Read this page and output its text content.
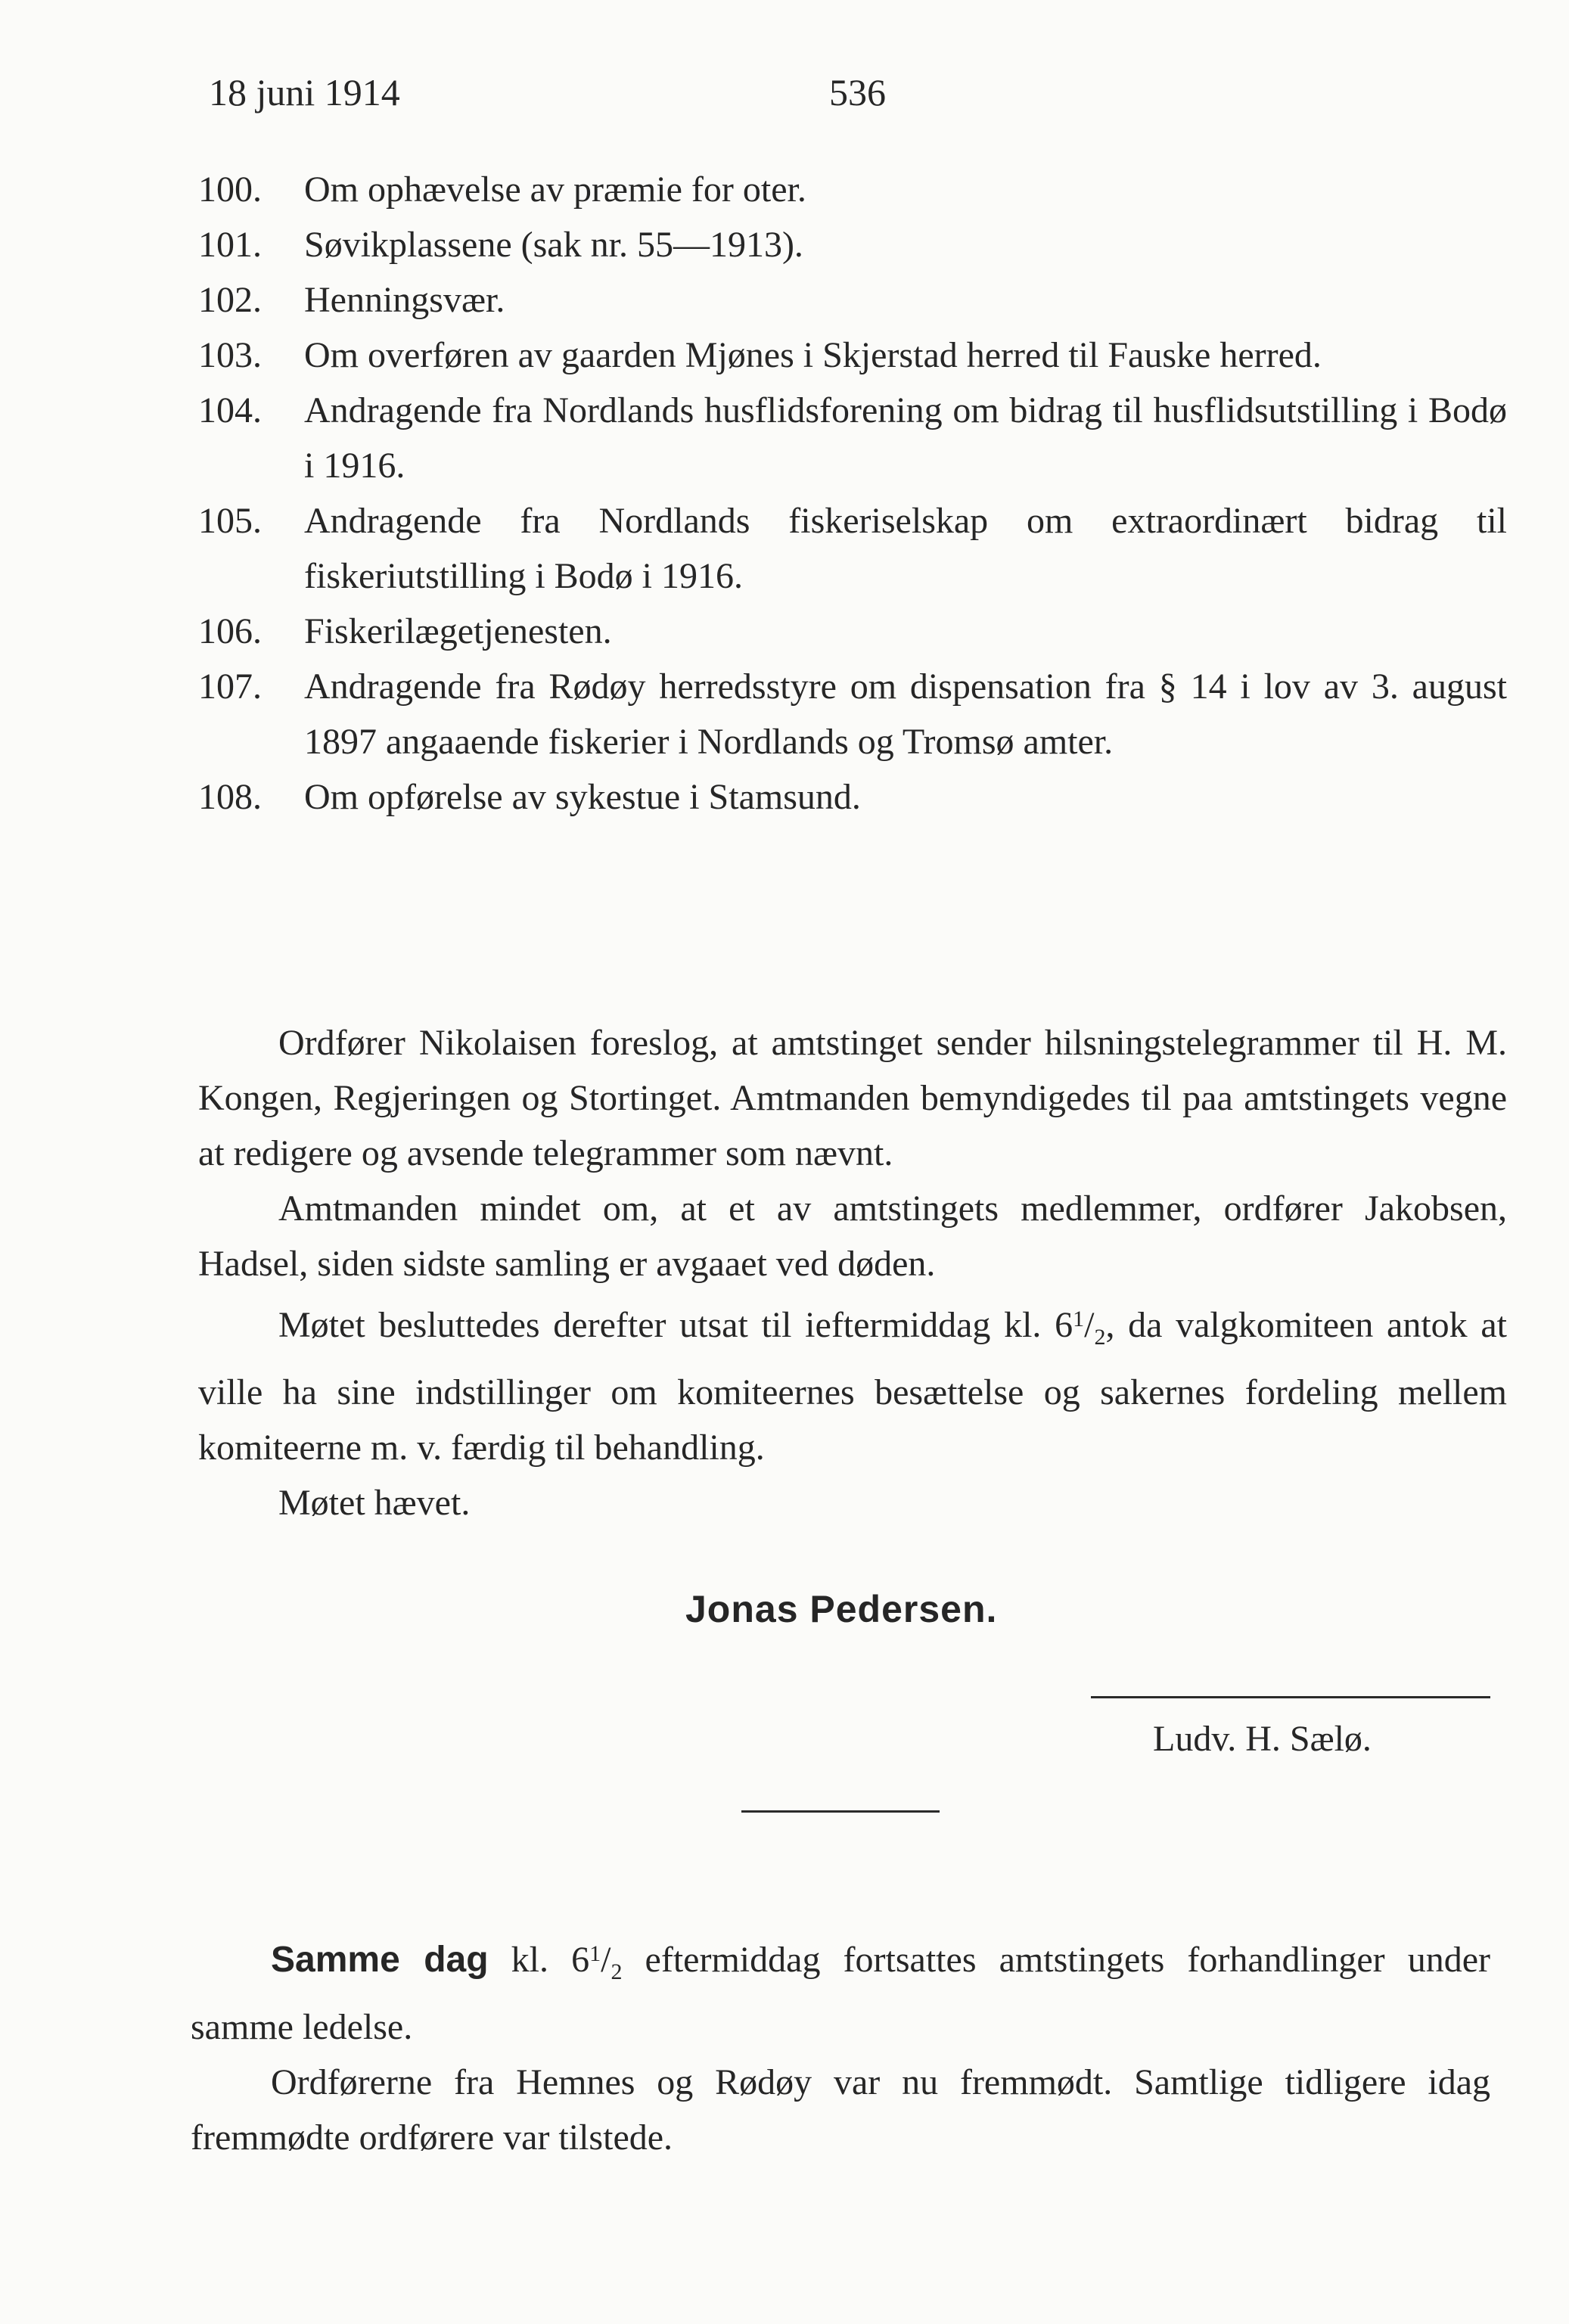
18 juni 1914	536
100. Om ophævelse av præmie for oter.
101. Søvikplassene (sak nr. 55—1913).
102. Henningsvær.
103. Om overføren av gaarden Mjønes i Skjerstad herred til Fauske herred.
104. Andragende fra Nordlands husflidsforening om bidrag til husflidsutstilling i Bodø i 1916.
105. Andragende fra Nordlands fiskeriselskap om extraordinært bidrag til fiskeriutstilling i Bodø i 1916.
106. Fiskerilægetjenesten.
107. Andragende fra Rødøy herredsstyre om dispensation fra § 14 i lov av 3. august 1897 angaaende fiskerier i Nordlands og Tromsø amter.
108. Om opførelse av sykestue i Stamsund.

Ordfører Nikolaisen foreslog, at amtstinget sender hilsningstelegrammer til H. M. Kongen, Regjeringen og Stortinget. Amtmanden bemyndigedes til paa amtstingets vegne at redigere og avsende telegrammer som nævnt.

Amtmanden mindet om, at et av amtstingets medlemmer, ordfører Jakobsen, Hadsel, siden sidste samling er avgaaet ved døden.

Møtet besluttedes derefter utsat til ieftermiddag kl. $6^1/_2$, da valgkomiteen antok at ville ha sine indstillinger om komiteernes besættelse og sakernes fordeling mellem komiteerne m. v. færdig til behandling.

Møtet hævet.

Jonas Pedersen.
Ludv. H. Sælø.

Samme dag kl. $6^1/_2$ eftermiddag fortsattes amtstingets forhandlinger under samme ledelse.

Ordførerne fra Hemnes og Rødøy var nu fremmødt. Samtlige tidligere idag fremmødte ordførere var tilstede.
